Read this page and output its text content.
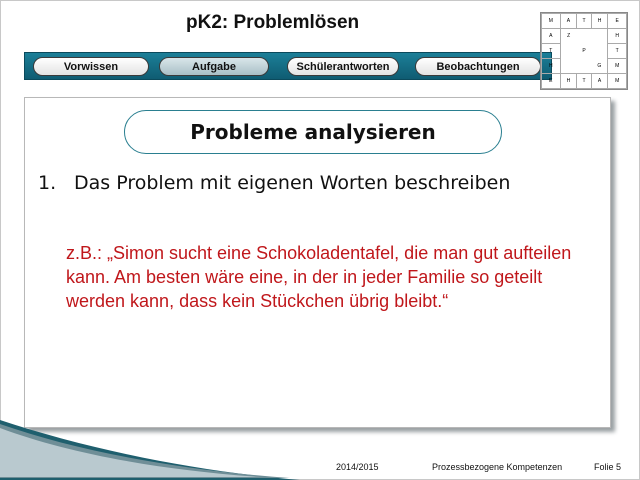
pK2: Problemlösen
Vorwissen	Aufgabe	Schülerantworten	Beobachtungen
M	A	T	H	E
A	Z			H
T		P		T
H			G	M
E	H	T	A	M
Probleme analysieren
1. Das Problem mit eigenen Worten beschreiben
z.B.: „Simon sucht eine Schokoladentafel, die man gut aufteilen kann. Am besten wäre eine, in der in jeder Familie so geteilt werden kann, dass kein Stückchen übrig bleibt.“
2014/2015	Prozessbezogene Kompetenzen	Folie 5
